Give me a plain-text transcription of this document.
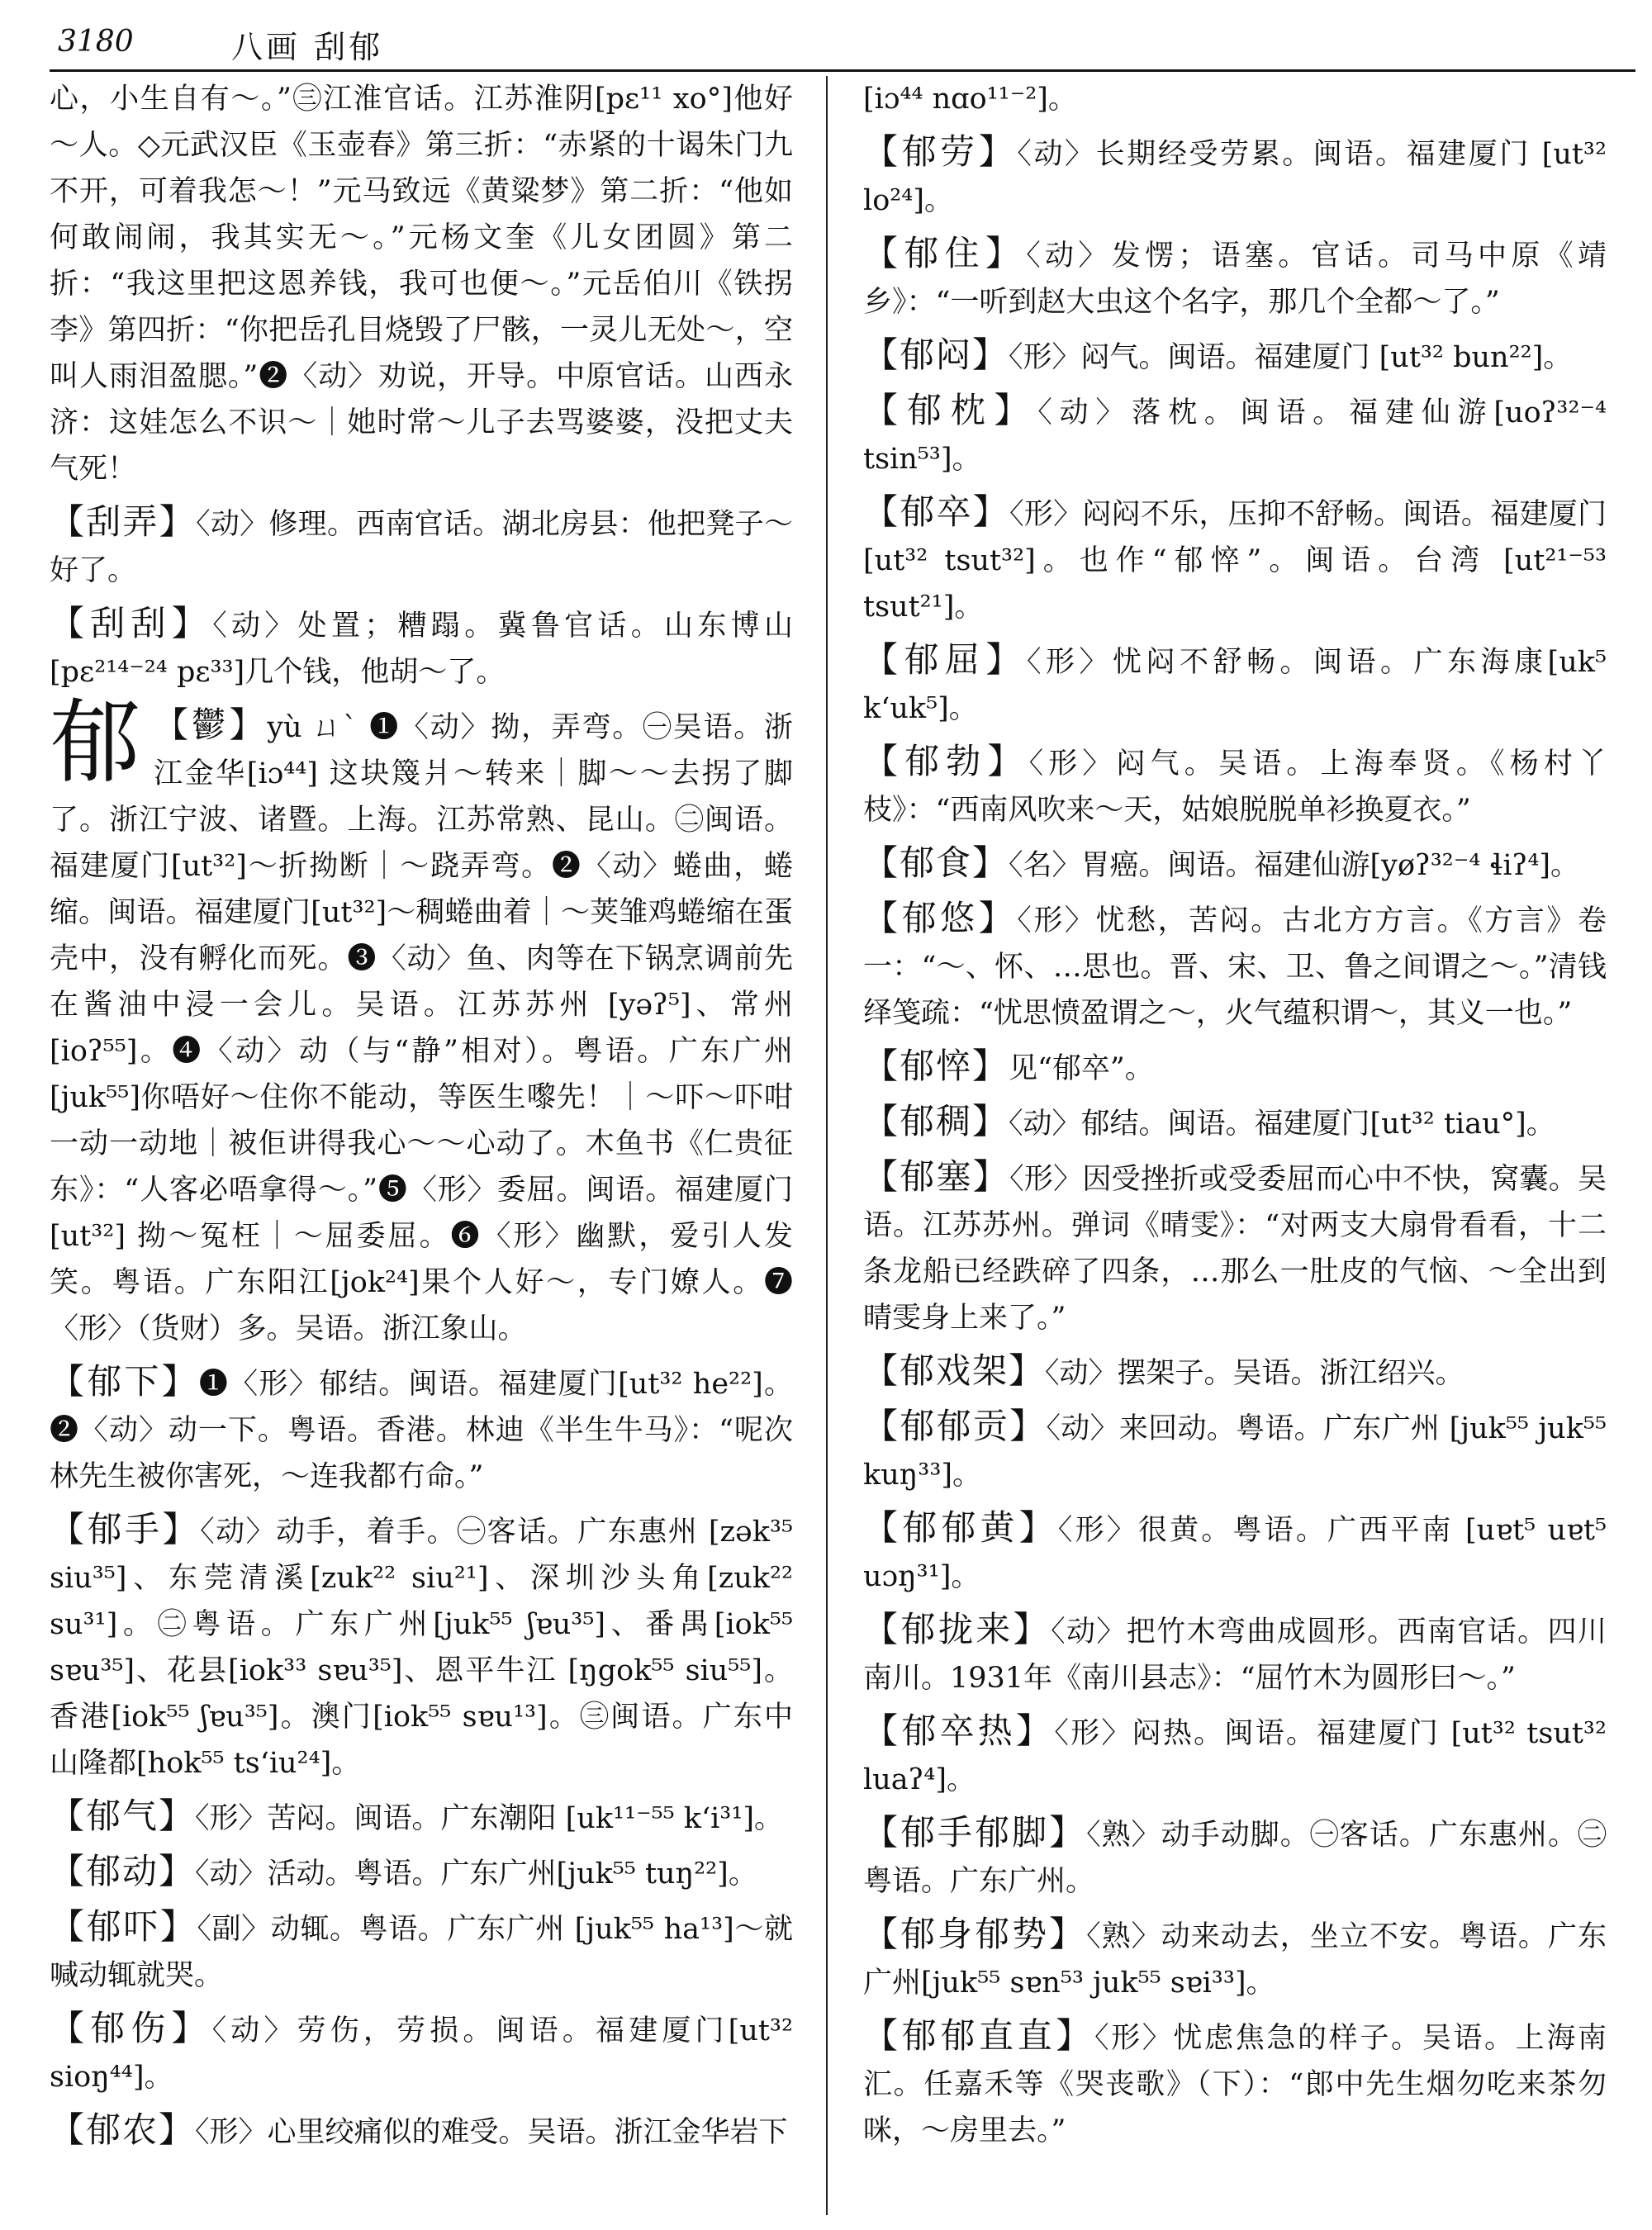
3180	八画 刮郁
心，小生自有～。”㊂江淮官话。江苏淮阴[pɛ¹¹ xo°]他好～人。◇元武汉臣《玉壶春》第三折：“赤紧的十谒朱门九不开，可着我怎～！”元马致远《黄粱梦》第二折：“他如何敢闹闹，我其实无～。”元杨文奎《儿女团圆》第二折：“我这里把这恩养钱，我可也便～。”元岳伯川《铁拐李》第四折：“你把岳孔目烧毁了尸骸，一灵儿无处～，空叫人雨泪盈腮。”❷〈动〉劝说，开导。中原官话。山西永济：这娃怎么不识～｜她时常～儿子去骂婆婆，没把丈夫气死！
【刮弄】〈动〉修理。西南官话。湖北房县：他把凳子～好了。
【刮刮】〈动〉处置；糟蹋。冀鲁官话。山东博山[pɛ²¹⁴⁻²⁴ pɛ³³]几个钱，他胡～了。
郁 【鬱】yù ㄩˋ ❶〈动〉拗，弄弯。㊀吴语。浙江金华[iɔ⁴⁴] 这块篾爿～转来｜脚～～去拐了脚了。浙江宁波、诸暨。上海。江苏常熟、昆山。㊁闽语。福建厦门[ut³²]～折拗断｜～跷弄弯。❷〈动〉蜷曲，蜷缩。闽语。福建厦门[ut³²]～稠蜷曲着｜～荚雏鸡蜷缩在蛋壳中，没有孵化而死。❸〈动〉鱼、肉等在下锅烹调前先在酱油中浸一会儿。吴语。江苏苏州 [yəʔ⁵]、常州[ioʔ⁵⁵]。❹〈动〉动（与“静”相对）。粤语。广东广州[juk⁵⁵]你唔好～住你不能动，等医生嚟先！｜～吓～吓咁一动一动地｜被佢讲得我心～～心动了。木鱼书《仁贵征东》：“人客必唔拿得～。”❺〈形〉委屈。闽语。福建厦门[ut³²] 拗～冤枉｜～屈委屈。❻〈形〉幽默，爱引人发笑。粤语。广东阳江[jok²⁴]果个人好～，专门嫽人。❼〈形〉（货财）多。吴语。浙江象山。
【郁下】❶〈形〉郁结。闽语。福建厦门[ut³² he²²]。❷〈动〉动一下。粤语。香港。林迪《半生牛马》：“呢次林先生被你害死，～连我都冇命。”
【郁手】〈动〉动手，着手。㊀客话。广东惠州 [zək³⁵ siu³⁵]、东莞清溪[zuk²² siu²¹]、深圳沙头角[zuk²² su³¹]。㊁粤语。广东广州[juk⁵⁵ ʃɐu³⁵]、番禺[iok⁵⁵ sɐu³⁵]、花县[iok³³ sɐu³⁵]、恩平牛江 [ŋgok⁵⁵ siu⁵⁵]。香港[iok⁵⁵ ʃɐu³⁵]。澳门[iok⁵⁵ sɐu¹³]。㊂闽语。广东中山隆都[hok⁵⁵ tsʻiu²⁴]。
【郁气】〈形〉苦闷。闽语。广东潮阳 [uk¹¹⁻⁵⁵ kʻi³¹]。
【郁动】〈动〉活动。粤语。广东广州[juk⁵⁵ tuŋ²²]。
【郁吓】〈副〉动辄。粤语。广东广州 [juk⁵⁵ ha¹³]～就喊动辄就哭。
【郁伤】〈动〉劳伤，劳损。闽语。福建厦门[ut³² sioŋ⁴⁴]。
【郁农】〈形〉心里绞痛似的难受。吴语。浙江金华岩下
[iɔ⁴⁴ nɑo¹¹⁻²]。
【郁劳】〈动〉长期经受劳累。闽语。福建厦门 [ut³² lo²⁴]。
【郁住】〈动〉发愣；语塞。官话。司马中原《靖乡》：“一听到赵大虫这个名字，那几个全都～了。”
【郁闷】〈形〉闷气。闽语。福建厦门 [ut³² bun²²]。
【郁枕】〈动〉落枕。闽语。福建仙游[uoʔ³²⁻⁴ tsin⁵³]。
【郁卒】〈形〉闷闷不乐，压抑不舒畅。闽语。福建厦门[ut³² tsut³²]。也作“郁悴”。闽语。台湾 [ut²¹⁻⁵³ tsut²¹]。
【郁屈】〈形〉忧闷不舒畅。闽语。广东海康[uk⁵ kʻuk⁵]。
【郁勃】〈形〉闷气。吴语。上海奉贤。《杨村丫枝》：“西南风吹来～天，姑娘脱脱单衫换夏衣。”
【郁食】〈名〉胃癌。闽语。福建仙游[yøʔ³²⁻⁴ ɬiʔ⁴]。
【郁悠】〈形〉忧愁，苦闷。古北方方言。《方言》卷一：“～、怀、…思也。晋、宋、卫、鲁之间谓之～。”清钱绎笺疏：“忧思愤盈谓之～，火气蕴积谓～，其义一也。”
【郁悴】见“郁卒”。
【郁稠】〈动〉郁结。闽语。福建厦门[ut³² tiau°]。
【郁塞】〈形〉因受挫折或受委屈而心中不快，窝囊。吴语。江苏苏州。弹词《晴雯》：“对两支大扇骨看看，十二条龙船已经跌碎了四条，…那么一肚皮的气恼、～全出到晴雯身上来了。”
【郁戏架】〈动〉摆架子。吴语。浙江绍兴。
【郁郁贡】〈动〉来回动。粤语。广东广州 [juk⁵⁵ juk⁵⁵ kuŋ³³]。
【郁郁黄】〈形〉很黄。粤语。广西平南 [uɐt⁵ uɐt⁵ uɔŋ³¹]。
【郁拢来】〈动〉把竹木弯曲成圆形。西南官话。四川南川。1931年《南川县志》：“屈竹木为圆形曰～。”
【郁卒热】〈形〉闷热。闽语。福建厦门 [ut³² tsut³² luaʔ⁴]。
【郁手郁脚】〈熟〉动手动脚。㊀客话。广东惠州。㊁粤语。广东广州。
【郁身郁势】〈熟〉动来动去，坐立不安。粤语。广东广州[juk⁵⁵ sɐn⁵³ juk⁵⁵ sɐi³³]。
【郁郁直直】〈形〉忧虑焦急的样子。吴语。上海南汇。任嘉禾等《哭丧歌》（下）：“郎中先生烟勿吃来茶勿咪，～房里去。”
